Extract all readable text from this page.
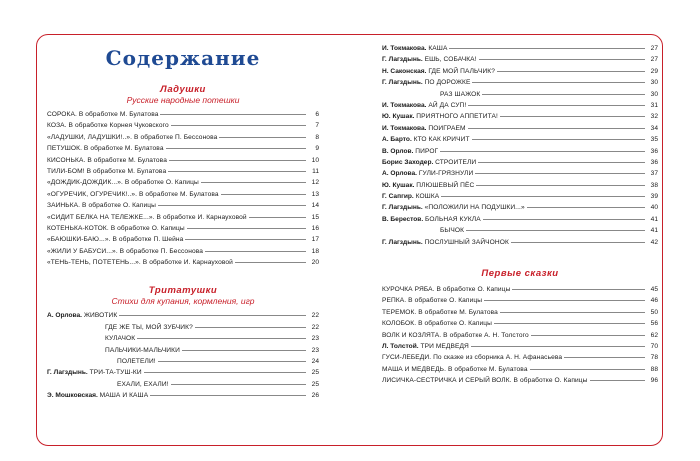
Содержание
Ладушки
Русские народные потешки
СОРОКА. В обработке М. Булатова	6
КОЗА. В обработке Корнея Чуковского	7
«ЛАДУШКИ, ЛАДУШКИ!..». В обработке П. Бессонова	8
ПЕТУШОК. В обработке М. Булатова	9
КИСОНЬКА. В обработке М. Булатова	10
ТИЛИ-БОМ! В обработке М. Булатова	11
«ДОЖДИК-ДОЖДИК...». В обработке О. Капицы	12
«ОГУРЕЧИК, ОГУРЕЧИК!..». В обработке М. Булатова	13
ЗАИНЬКА. В обработке О. Капицы	14
«СИДИТ БЕЛКА НА ТЕЛЕЖКЕ...». В обработке И. Карнауховой	15
КОТЕНЬКА-КОТОК. В обработке О. Капицы	16
«БАЮШКИ-БАЮ...». В обработке П. Шейна	17
«ЖИЛИ У БАБУСИ...». В обработке П. Бессонова	18
«ТЕНЬ-ТЕНЬ, ПОТЕТЕНЬ...». В обработке И. Карнауховой	20
Тритатушки
Стихи для купания, кормления, игр
А. Орлова. ЖИВОТИК	22
ГДЕ ЖЕ ТЫ, МОЙ ЗУБЧИК?	22
КУЛАЧОК	23
ПАЛЬЧИКИ-МАЛЬЧИКИ	23
ПОЛЕТЕЛИ!	24
Г. Лагздынь. ТРИ-ТА-ТУШ-КИ	25
ЕХАЛИ, ЕХАЛИ!	25
Э. Мошковская. МАША И КАША	26
И. Токмакова. КАША	27
Г. Лагздынь. ЕШЬ, СОБАЧКА!	27
Н. Саконская. ГДЕ МОЙ ПАЛЬЧИК?	29
Г. Лагздынь. ПО ДОРОЖКЕ	30
РАЗ ШАЖОК	30
И. Токмакова. АЙ ДА СУП!	31
Ю. Кушак. ПРИЯТНОГО АППЕТИТА!	32
И. Токмакова. ПОИГРАЕМ	34
А. Барто. КТО КАК КРИЧИТ	35
В. Орлов. ПИРОГ	36
Борис Заходер. СТРОИТЕЛИ	36
А. Орлова. ГУЛИ-ГРЯЗНУЛИ	37
Ю. Кушак. ПЛЮШЕВЫЙ ПЁС	38
Г. Сапгир. КОШКА	39
Г. Лагздынь. «ПОЛОЖИЛИ НА ПОДУШКИ...»	40
В. Берестов. БОЛЬНАЯ КУКЛА	41
БЫЧОК	41
Г. Лагздынь. ПОСЛУШНЫЙ ЗАЙЧОНОК	42
Первые сказки
КУРОЧКА РЯБА. В обработке О. Капицы	45
РЕПКА. В обработке О. Капицы	46
ТЕРЕМОК. В обработке М. Булатова	50
КОЛОБОК. В обработке О. Капицы	56
ВОЛК И КОЗЛЯТА. В обработке А. Н. Толстого	62
Л. Толстой. ТРИ МЕДВЕДЯ	70
ГУСИ-ЛЕБЕДИ. По сказке из сборника А. Н. Афанасьева	78
МАША И МЕДВЕДЬ. В обработке М. Булатова	88
ЛИСИЧКА-СЕСТРИЧКА И СЕРЫЙ ВОЛК. В обработке О. Капицы	96
